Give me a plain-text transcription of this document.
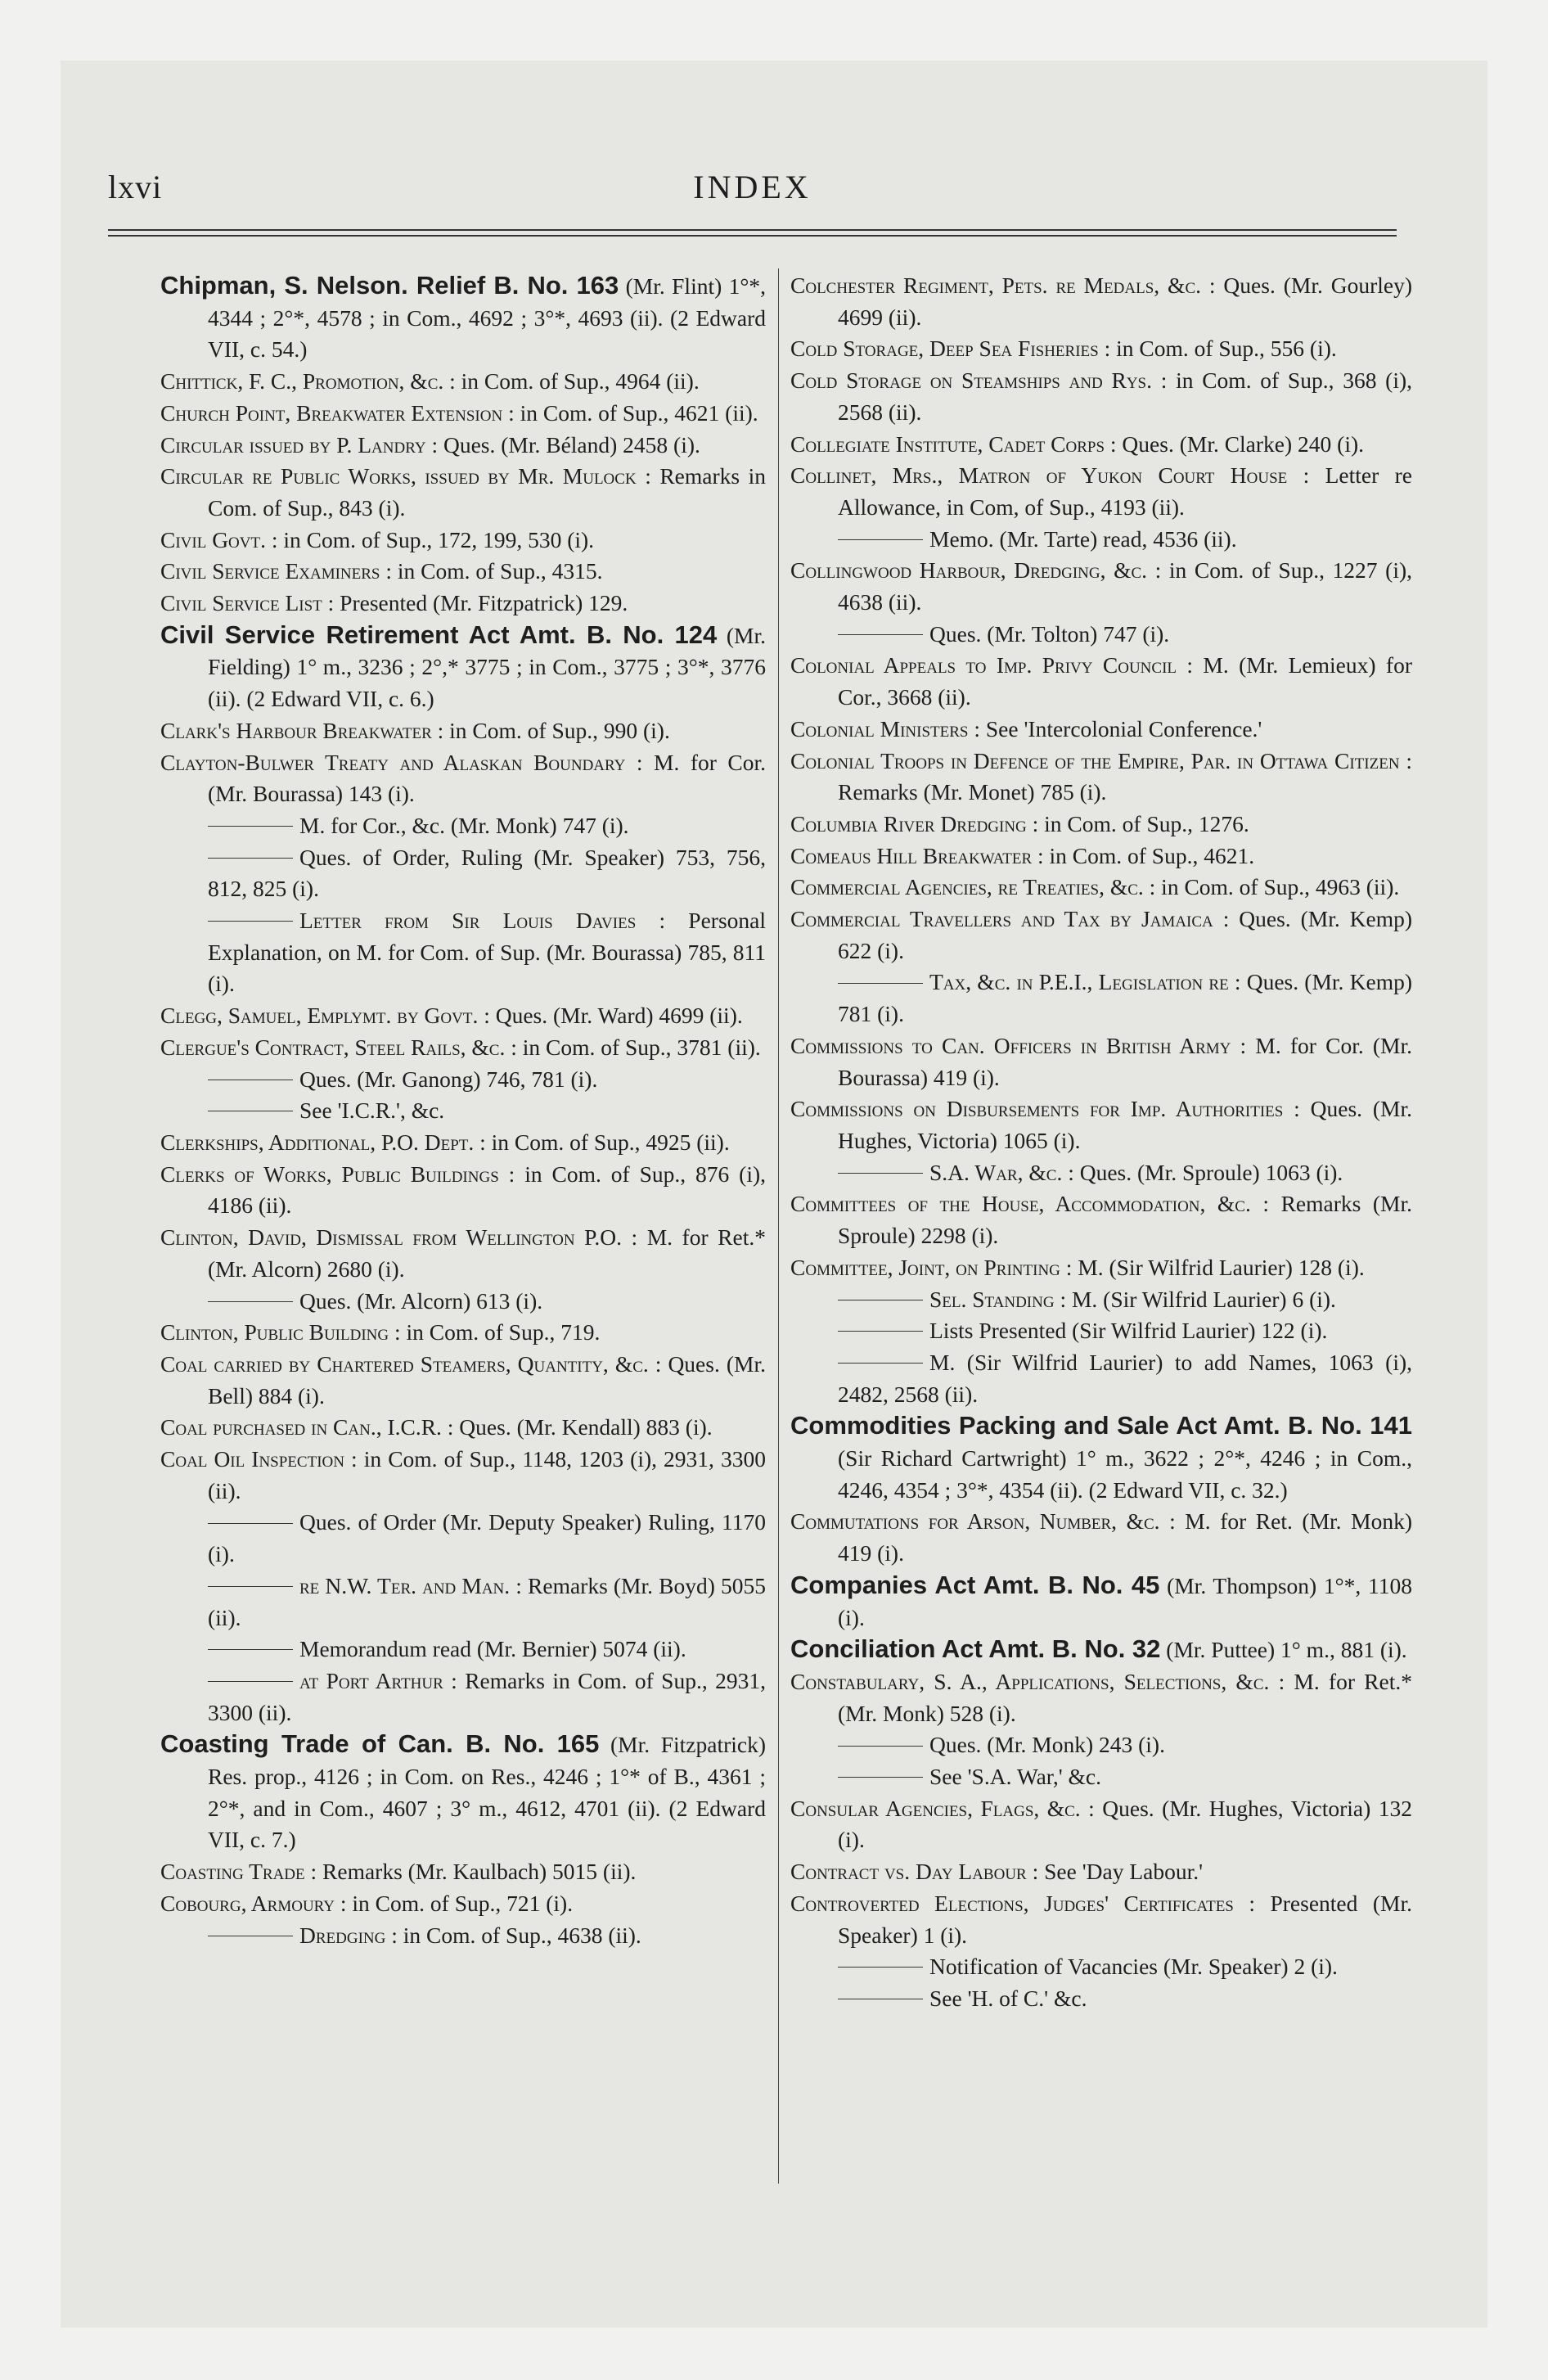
lxvi	INDEX
Chipman, S. Nelson. Relief B. No. 163 (Mr. Flint) 1°*, 4344 ; 2°*, 4578 ; in Com., 4692 ; 3°*, 4693 (ii). (2 Edward VII, c. 54.)
Chittick, F. C., Promotion, &c. : in Com. of Sup., 4964 (ii).
Church Point, Breakwater Extension : in Com. of Sup., 4621 (ii).
Circular issued by P. Landry : Ques. (Mr. Béland) 2458 (i).
Circular re Public Works, issued by Mr. Mulock : Remarks in Com. of Sup., 843 (i).
Civil Govt. : in Com. of Sup., 172, 199, 530 (i).
Civil Service Examiners : in Com. of Sup., 4315.
Civil Service List : Presented (Mr. Fitzpatrick) 129.
Civil Service Retirement Act Amt. B. No. 124 (Mr. Fielding) 1° m., 3236 ; 2°,* 3775 ; in Com., 3775 ; 3°*, 3776 (ii). (2 Edward VII, c. 6.)
Clark's Harbour Breakwater : in Com. of Sup., 990 (i).
Clayton-Bulwer Treaty and Alaskan Boundary : M. for Cor. (Mr. Bourassa) 143 (i).
M. for Cor., &c. (Mr. Monk) 747 (i).
Ques. of Order, Ruling (Mr. Speaker) 753, 756, 812, 825 (i).
Letter from Sir Louis Davies : Personal Explanation, on M. for Com. of Sup. (Mr. Bourassa) 785, 811 (i).
Clegg, Samuel, Emplymt. by Govt. : Ques. (Mr. Ward) 4699 (ii).
Clergue's Contract, Steel Rails, &c. : in Com. of Sup., 3781 (ii).
Ques. (Mr. Ganong) 746, 781 (i).
See 'I.C.R.', &c.
Clerkships, Additional, P.O. Dept. : in Com. of Sup., 4925 (ii).
Clerks of Works, Public Buildings : in Com. of Sup., 876 (i), 4186 (ii).
Clinton, David, Dismissal from Wellington P.O. : M. for Ret.* (Mr. Alcorn) 2680 (i).
Ques. (Mr. Alcorn) 613 (i).
Clinton, Public Building : in Com. of Sup., 719.
Coal carried by Chartered Steamers, Quantity, &c. : Ques. (Mr. Bell) 884 (i).
Coal purchased in Can., I.C.R. : Ques. (Mr. Kendall) 883 (i).
Coal Oil Inspection : in Com. of Sup., 1148, 1203 (i), 2931, 3300 (ii).
Ques. of Order (Mr. Deputy Speaker) Ruling, 1170 (i).
re N.W. Ter. and Man. : Remarks (Mr. Boyd) 5055 (ii).
Memorandum read (Mr. Bernier) 5074 (ii).
at Port Arthur : Remarks in Com. of Sup., 2931, 3300 (ii).
Coasting Trade of Can. B. No. 165 (Mr. Fitzpatrick) Res. prop., 4126 ; in Com. on Res., 4246 ; 1°* of B., 4361 ; 2°*, and in Com., 4607 ; 3° m., 4612, 4701 (ii). (2 Edward VII, c. 7.)
Coasting Trade : Remarks (Mr. Kaulbach) 5015 (ii).
Cobourg, Armoury : in Com. of Sup., 721 (i).
Dredging : in Com. of Sup., 4638 (ii).
Colchester Regiment, Pets. re Medals, &c. : Ques. (Mr. Gourley) 4699 (ii).
Cold Storage, Deep Sea Fisheries : in Com. of Sup., 556 (i).
Cold Storage on Steamships and Rys. : in Com. of Sup., 368 (i), 2568 (ii).
Collegiate Institute, Cadet Corps : Ques. (Mr. Clarke) 240 (i).
Collinet, Mrs., Matron of Yukon Court House : Letter re Allowance, in Com, of Sup., 4193 (ii).
Memo. (Mr. Tarte) read, 4536 (ii).
Collingwood Harbour, Dredging, &c. : in Com. of Sup., 1227 (i), 4638 (ii).
Ques. (Mr. Tolton) 747 (i).
Colonial Appeals to Imp. Privy Council : M. (Mr. Lemieux) for Cor., 3668 (ii).
Colonial Ministers : See 'Intercolonial Conference.'
Colonial Troops in Defence of the Empire, Par. in Ottawa Citizen : Remarks (Mr. Monet) 785 (i).
Columbia River Dredging : in Com. of Sup., 1276.
Comeaus Hill Breakwater : in Com. of Sup., 4621.
Commercial Agencies, re Treaties, &c. : in Com. of Sup., 4963 (ii).
Commercial Travellers and Tax by Jamaica : Ques. (Mr. Kemp) 622 (i).
Tax, &c. in P.E.I., Legislation re : Ques. (Mr. Kemp) 781 (i).
Commissions to Can. Officers in British Army : M. for Cor. (Mr. Bourassa) 419 (i).
Commissions on Disbursements for Imp. Authorities : Ques. (Mr. Hughes, Victoria) 1065 (i).
S.A. War, &c. : Ques. (Mr. Sproule) 1063 (i).
Committees of the House, Accommodation, &c. : Remarks (Mr. Sproule) 2298 (i).
Committee, Joint, on Printing : M. (Sir Wilfrid Laurier) 128 (i).
Sel. Standing : M. (Sir Wilfrid Laurier) 6 (i).
Lists Presented (Sir Wilfrid Laurier) 122 (i).
M. (Sir Wilfrid Laurier) to add Names, 1063 (i), 2482, 2568 (ii).
Commodities Packing and Sale Act Amt. B. No. 141 (Sir Richard Cartwright) 1° m., 3622 ; 2°*, 4246 ; in Com., 4246, 4354 ; 3°*, 4354 (ii). (2 Edward VII, c. 32.)
Commutations for Arson, Number, &c. : M. for Ret. (Mr. Monk) 419 (i).
Companies Act Amt. B. No. 45 (Mr. Thompson) 1°*, 1108 (i).
Conciliation Act Amt. B. No. 32 (Mr. Puttee) 1° m., 881 (i).
Constabulary, S. A., Applications, Selections, &c. : M. for Ret.* (Mr. Monk) 528 (i).
Ques. (Mr. Monk) 243 (i).
See 'S.A. War,' &c.
Consular Agencies, Flags, &c. : Ques. (Mr. Hughes, Victoria) 132 (i).
Contract vs. Day Labour : See 'Day Labour.'
Controverted Elections, Judges' Certificates : Presented (Mr. Speaker) 1 (i).
Notification of Vacancies (Mr. Speaker) 2 (i).
See 'H. of C.' &c.
